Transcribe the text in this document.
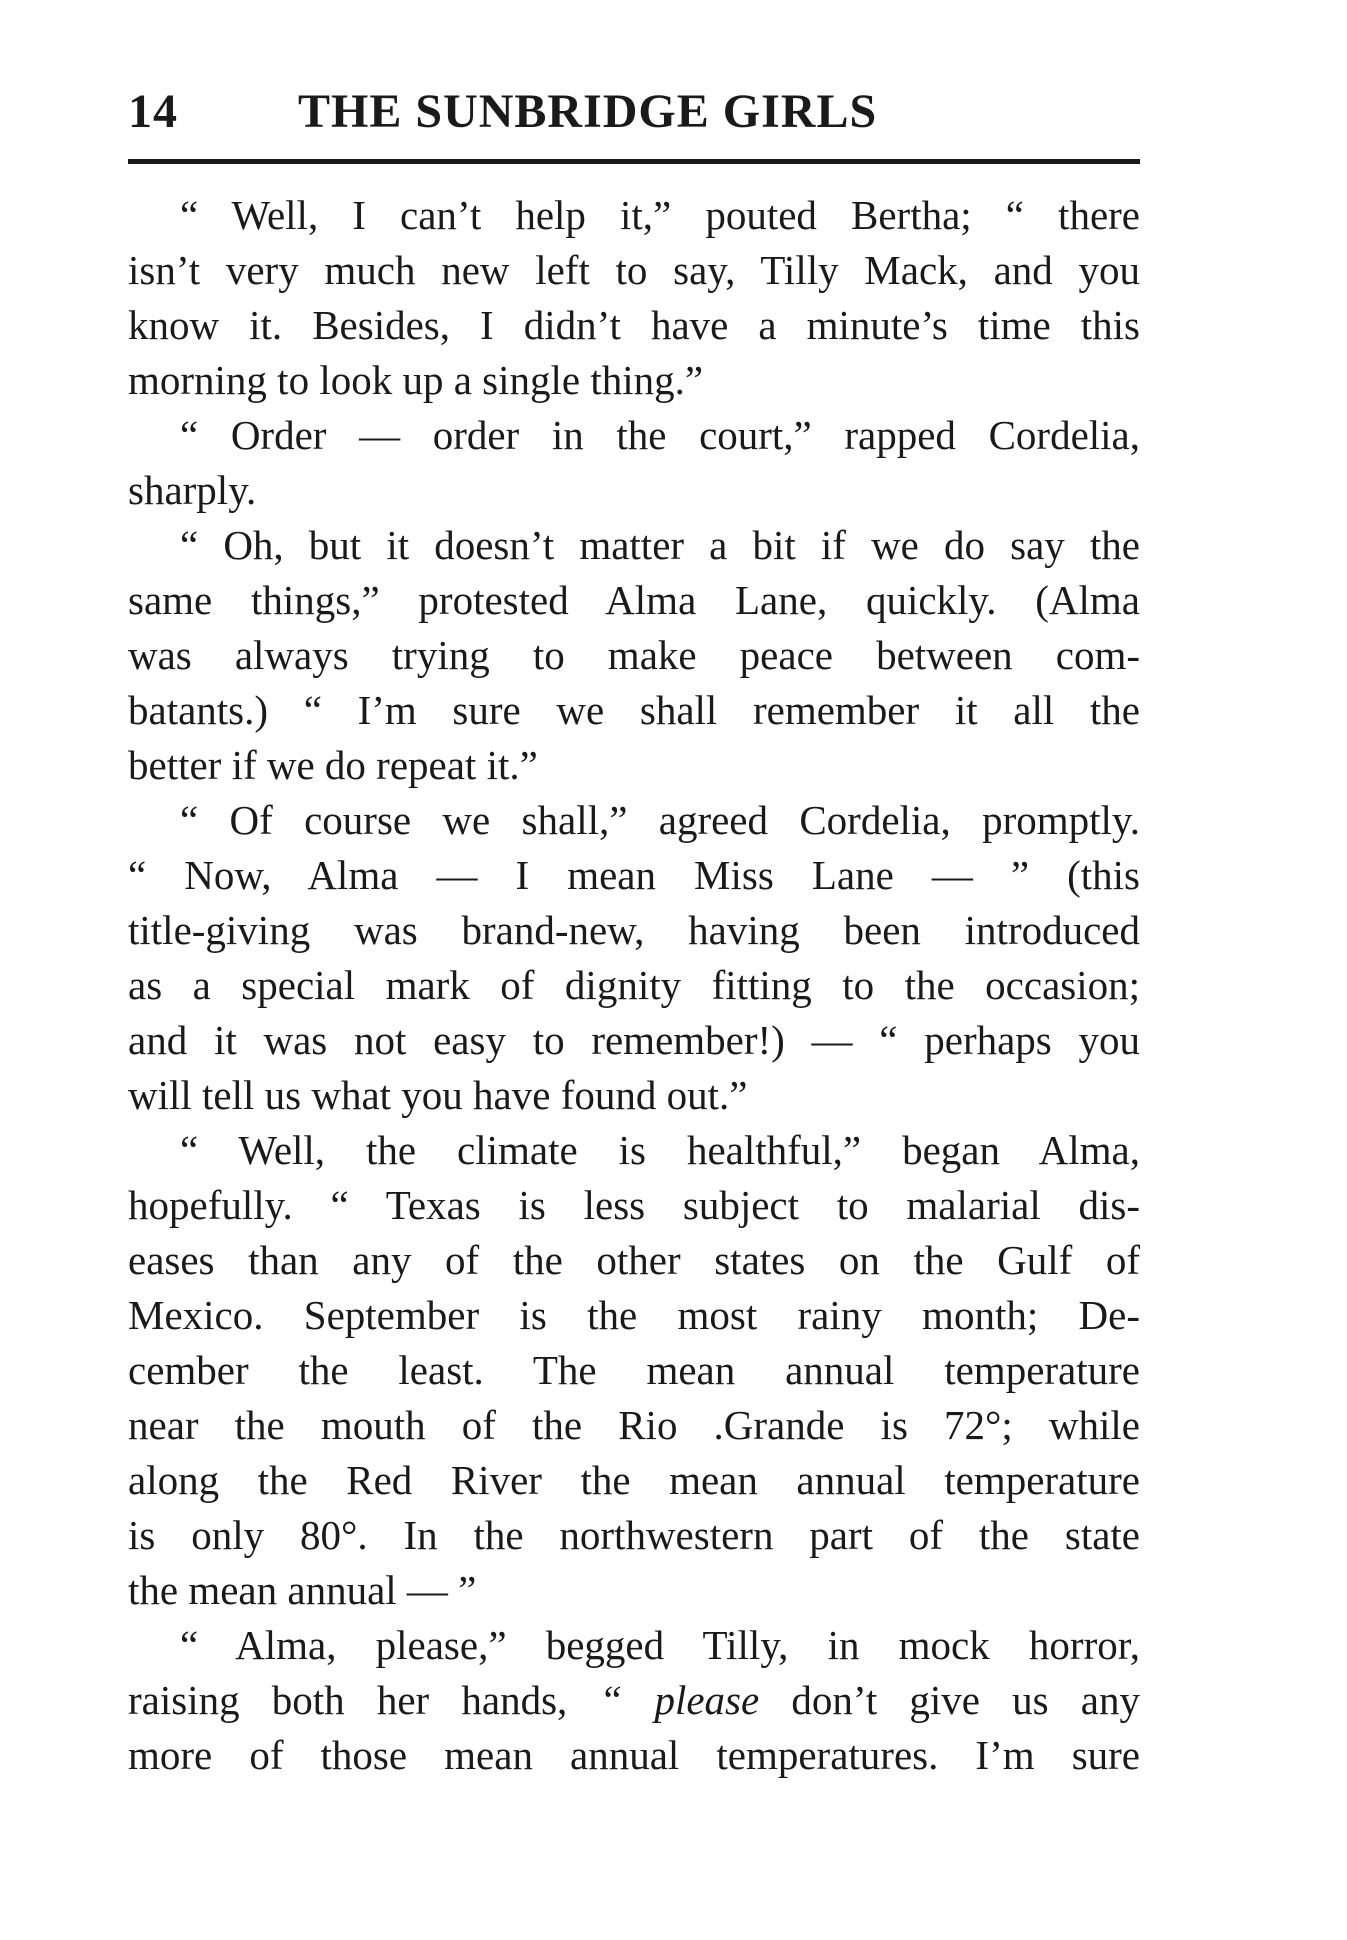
14	THE SUNBRIDGE GIRLS
“ Well, I can’t help it,” pouted Bertha; “ there
isn’t very much new left to say, Tilly Mack, and you
know it. Besides, I didn’t have a minute’s time this
morning to look up a single thing.”
“ Order — order in the court,” rapped Cordelia,
sharply.
“ Oh, but it doesn’t matter a bit if we do say the
same things,” protested Alma Lane, quickly. (Alma
was always trying to make peace between com-
batants.) “ I’m sure we shall remember it all the
better if we do repeat it.”
“ Of course we shall,” agreed Cordelia, promptly.
“ Now, Alma — I mean Miss Lane — ” (this
title-giving was brand-new, having been introduced
as a special mark of dignity fitting to the occasion;
and it was not easy to remember!) — “ perhaps you
will tell us what you have found out.”
“ Well, the climate is healthful,” began Alma,
hopefully. “ Texas is less subject to malarial dis-
eases than any of the other states on the Gulf of
Mexico. September is the most rainy month; De-
cember the least. The mean annual temperature
near the mouth of the Rio .Grande is 72°; while
along the Red River the mean annual temperature
is only 80°. In the northwestern part of the state
the mean annual — ”
“ Alma, please,” begged Tilly, in mock horror,
raising both her hands, “ please don’t give us any
more of those mean annual temperatures. I’m sure
